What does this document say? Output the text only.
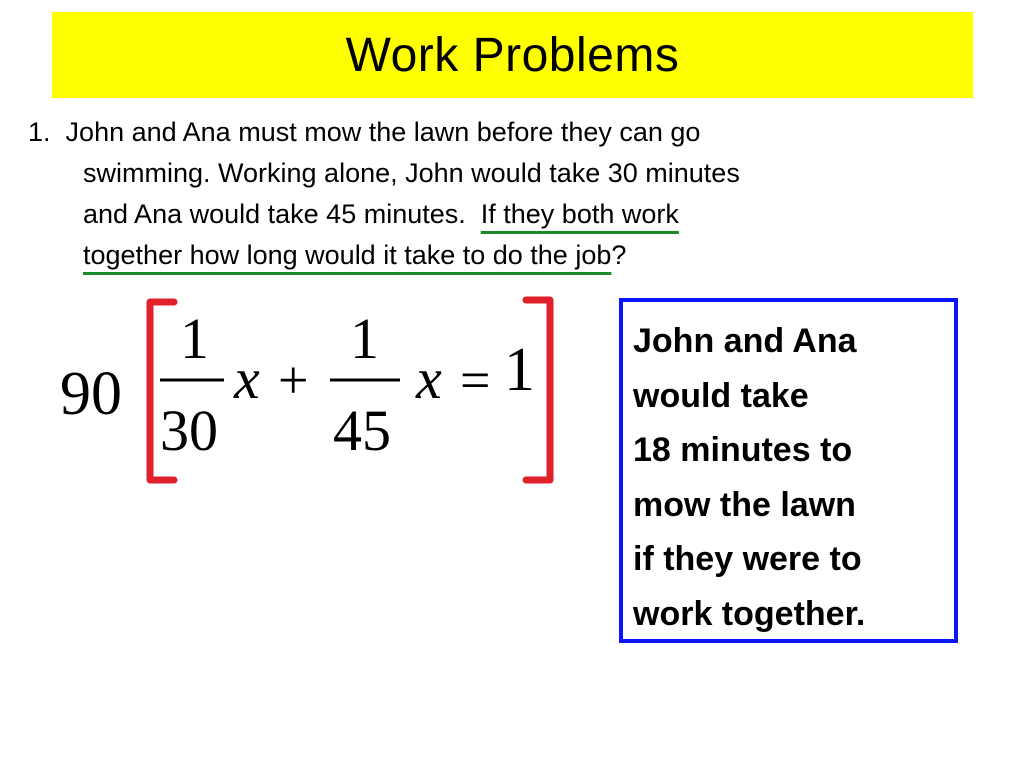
Work Problems
1. John and Ana must mow the lawn before they can go
swimming. Working alone, John would take 30 minutes
and Ana would take 45 minutes.  If they both work
together how long would it take to do the job?
90
1
30
x +
1
45
x = 1	John and Ana
would take
18 minutes to
mow the lawn
if they were to
work together.
